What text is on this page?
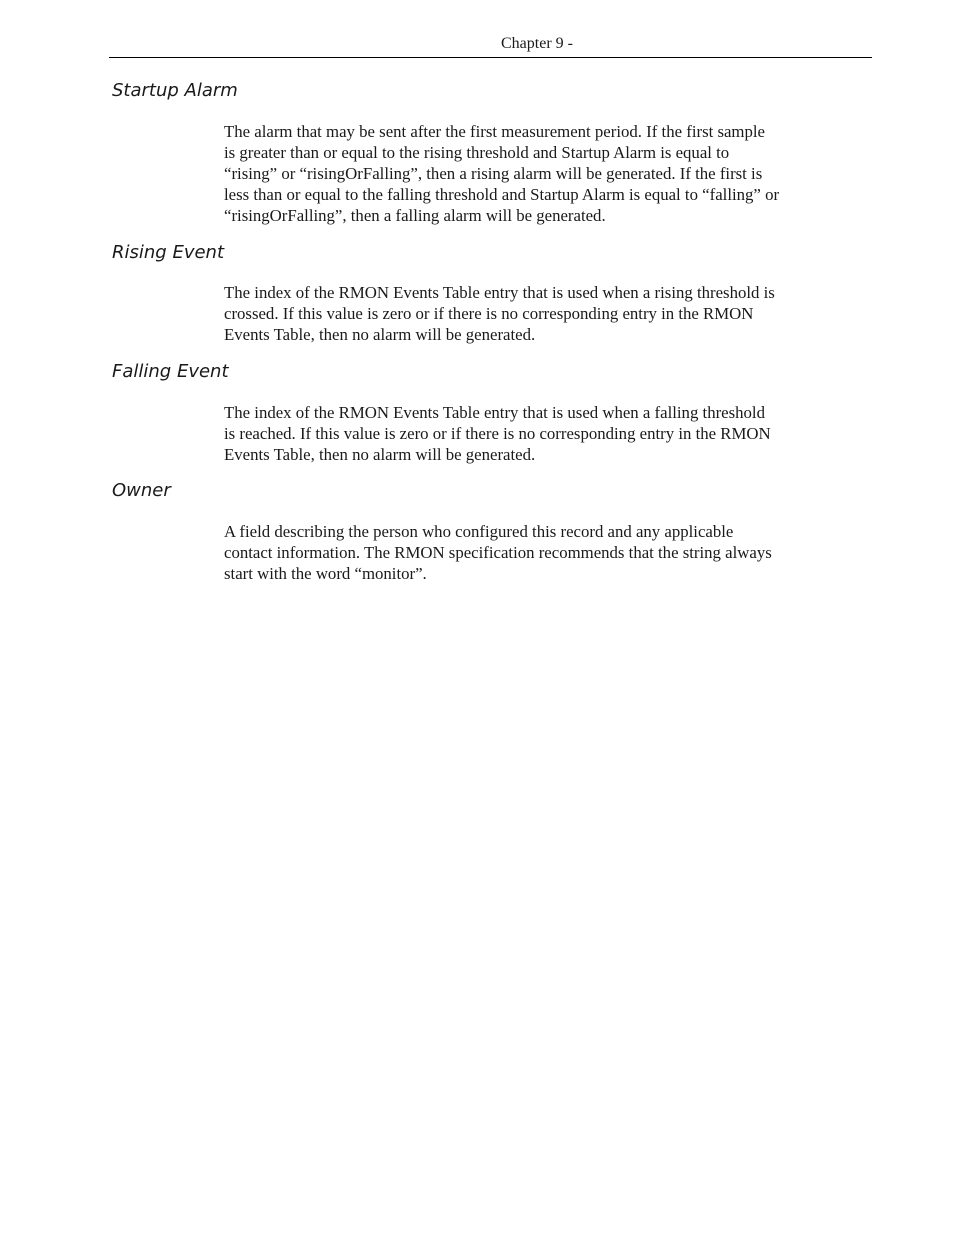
Chapter 9 -
Startup Alarm
The alarm that may be sent after the first measurement period. If the first sample
is greater than or equal to the rising threshold and Startup Alarm is equal to
“rising” or “risingOrFalling”, then a rising alarm will be generated. If the first is
less than or equal to the falling threshold and Startup Alarm is equal to “falling” or
“risingOrFalling”, then a falling alarm will be generated.
Rising Event
The index of the RMON Events Table entry that is used when a rising threshold is
crossed. If this value is zero or if there is no corresponding entry in the RMON
Events Table, then no alarm will be generated.
Falling Event
The index of the RMON Events Table entry that is used when a falling threshold
is reached. If this value is zero or if there is no corresponding entry in the RMON
Events Table, then no alarm will be generated.
Owner
A field describing the person who configured this record and any applicable
contact information. The RMON specification recommends that the string always
start with the word “monitor”.
